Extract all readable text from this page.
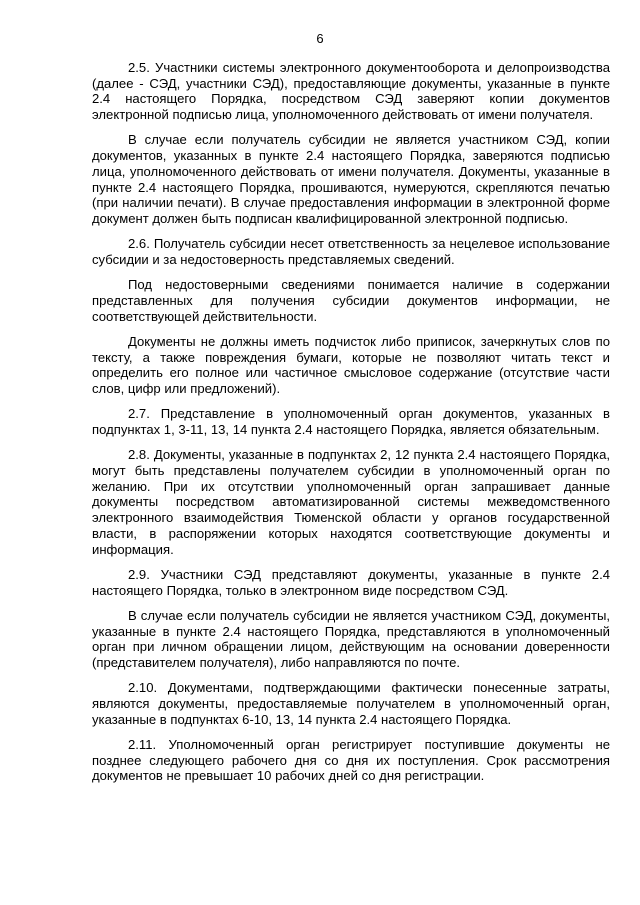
6

2.5. Участники системы электронного документооборота и делопроизводства (далее - СЭД, участники СЭД), предоставляющие документы, указанные в пункте 2.4 настоящего Порядка, посредством СЭД заверяют копии документов электронной подписью лица, уполномоченного действовать от имени получателя.

В случае если получатель субсидии не является участником СЭД, копии документов, указанных в пункте 2.4 настоящего Порядка, заверяются подписью лица, уполномоченного действовать от имени получателя. Документы, указанные в пункте 2.4 настоящего Порядка, прошиваются, нумеруются, скрепляются печатью (при наличии печати). В случае предоставления информации в электронной форме документ должен быть подписан квалифицированной электронной подписью.

2.6. Получатель субсидии несет ответственность за нецелевое использование субсидии и за недостоверность представляемых сведений.

Под недостоверными сведениями понимается наличие в содержании представленных для получения субсидии документов информации, не соответствующей действительности.

Документы не должны иметь подчисток либо приписок, зачеркнутых слов по тексту, а также повреждения бумаги, которые не позволяют читать текст и определить его полное или частичное смысловое содержание (отсутствие части слов, цифр или предложений).

2.7. Представление в уполномоченный орган документов, указанных в подпунктах 1, 3-11, 13, 14 пункта 2.4 настоящего Порядка, является обязательным.

2.8. Документы, указанные в подпунктах 2, 12 пункта 2.4 настоящего Порядка, могут быть представлены получателем субсидии в уполномоченный орган по желанию. При их отсутствии уполномоченный орган запрашивает данные документы посредством автоматизированной системы межведомственного электронного взаимодействия Тюменской области у органов государственной власти, в распоряжении которых находятся соответствующие документы и информация.

2.9. Участники СЭД представляют документы, указанные в пункте 2.4 настоящего Порядка, только в электронном виде посредством СЭД.

В случае если получатель субсидии не является участником СЭД, документы, указанные в пункте 2.4 настоящего Порядка, представляются в уполномоченный орган при личном обращении лицом, действующим на основании доверенности (представителем получателя), либо направляются по почте.

2.10. Документами, подтверждающими фактически понесенные затраты, являются документы, предоставляемые получателем в уполномоченный орган, указанные в подпунктах 6-10, 13, 14 пункта 2.4 настоящего Порядка.

2.11. Уполномоченный орган регистрирует поступившие документы не позднее следующего рабочего дня со дня их поступления. Срок рассмотрения документов не превышает 10 рабочих дней со дня регистрации.
